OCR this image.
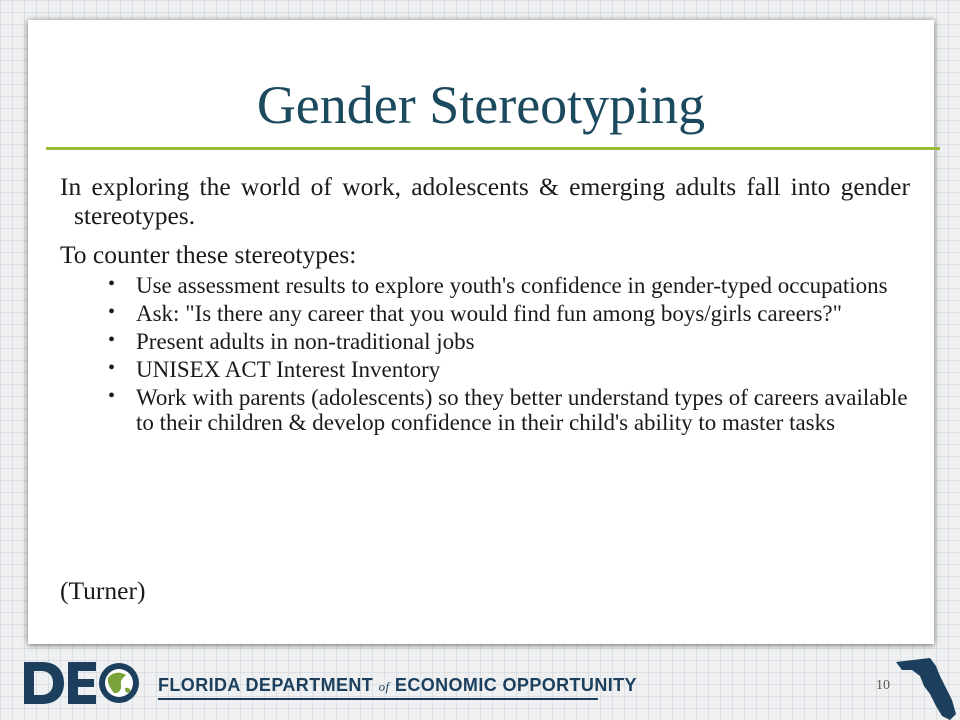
Gender Stereotyping

In exploring the world of work, adolescents & emerging adults fall into gender stereotypes.

To counter these stereotypes:

• Use assessment results to explore youth's confidence in gender-typed occupations
• Ask: "Is there any career that you would find fun among boys/girls careers?"
• Present adults in non-traditional jobs
• UNISEX ACT Interest Inventory
• Work with parents (adolescents) so they better understand types of careers available to their children & develop confidence in their child's ability to master tasks

(Turner)

FLORIDA DEPARTMENT of ECONOMIC OPPORTUNITY	10
